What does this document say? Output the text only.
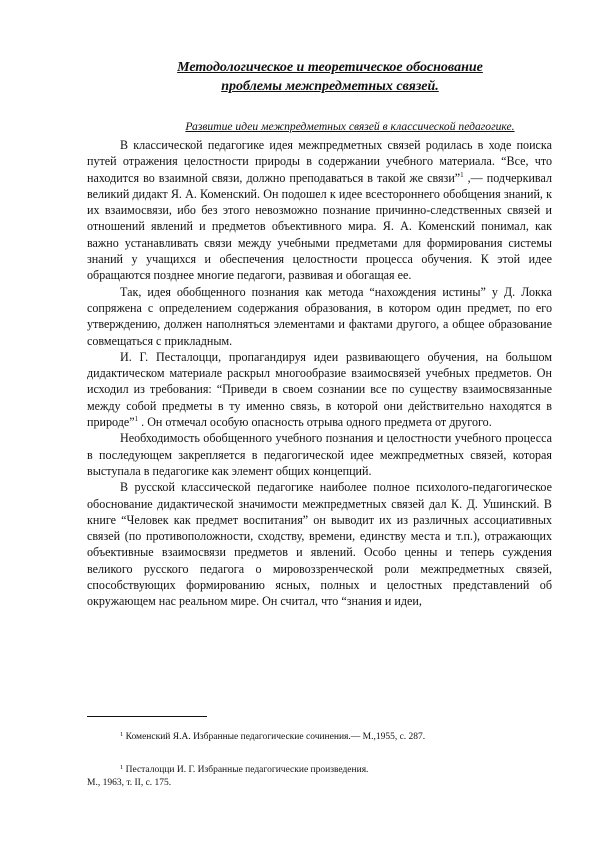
Методологическое и теоретическое обоснование
проблемы межпредметных связей.
Развитие идеи межпредметных связей в классической педагогике.

В классической педагогике идея межпредметных связей родилась в ходе поиска путей отражения целостности природы в содержании учебного материала. “Все, что находится во взаимной связи, должно преподаваться в такой же связи”$^1$ ,— подчеркивал великий дидакт Я. А. Коменский. Он подошел к идее всестороннего обобщения знаний, к их взаимосвязи, ибо без этого невозможно познание причинно-следственных связей и отношений явлений и предметов объективного мира. Я. А. Коменский понимал, как важно устанавливать связи между учебными предметами для формирования системы знаний у учащихся и обеспечения целостности процесса обучения. К этой идее обращаются позднее многие педагоги, развивая и обогащая ее.

Так, идея обобщенного познания как метода “нахождения истины” у Д. Локка сопряжена с определением содержания образования, в котором один предмет, по его утверждению, должен наполняться элементами и фактами другого, а общее образование совмещаться с прикладным.

И. Г. Песталоцци, пропагандируя идеи развивающего обучения, на большом дидактическом материале раскрыл многообразие взаимосвязей учебных предметов. Он исходил из требования: “Приведи в своем сознании все по существу взаимосвязанные между собой предметы в ту именно связь, в которой они действительно находятся в природе”$^1$ . Он отмечал особую опасность отрыва одного предмета от другого.

Необходимость обобщенного учебного познания и целостности учебного процесса в последующем закрепляется в педагогической идее межпредметных связей, которая выступала в педагогике как элемент общих концепций.

В русской классической педагогике наиболее полное психолого-педагогическое обоснование дидактической значимости межпредметных связей дал К. Д. Ушинский. В книге “Человек как предмет воспитания” он выводит их из различных ассоциативных связей (по противоположности, сходству, времени, единству места и т.п.), отражающих объективные взаимосвязи предметов и явлений. Особо ценны и теперь суждения великого русского педагога о мировоззренческой роли межпредметных связей, способствующих формированию ясных, полных и целостных представлений об окружающем нас реальном мире. Он считал, что “знания и идеи,

$^1$ Коменский Я.А. Избранные педагогические сочинения.— М.,1955, с. 287.
$^1$ Песталоцци И. Г. Избранные педагогические произведения.
М., 1963, т. II, с. 175.
